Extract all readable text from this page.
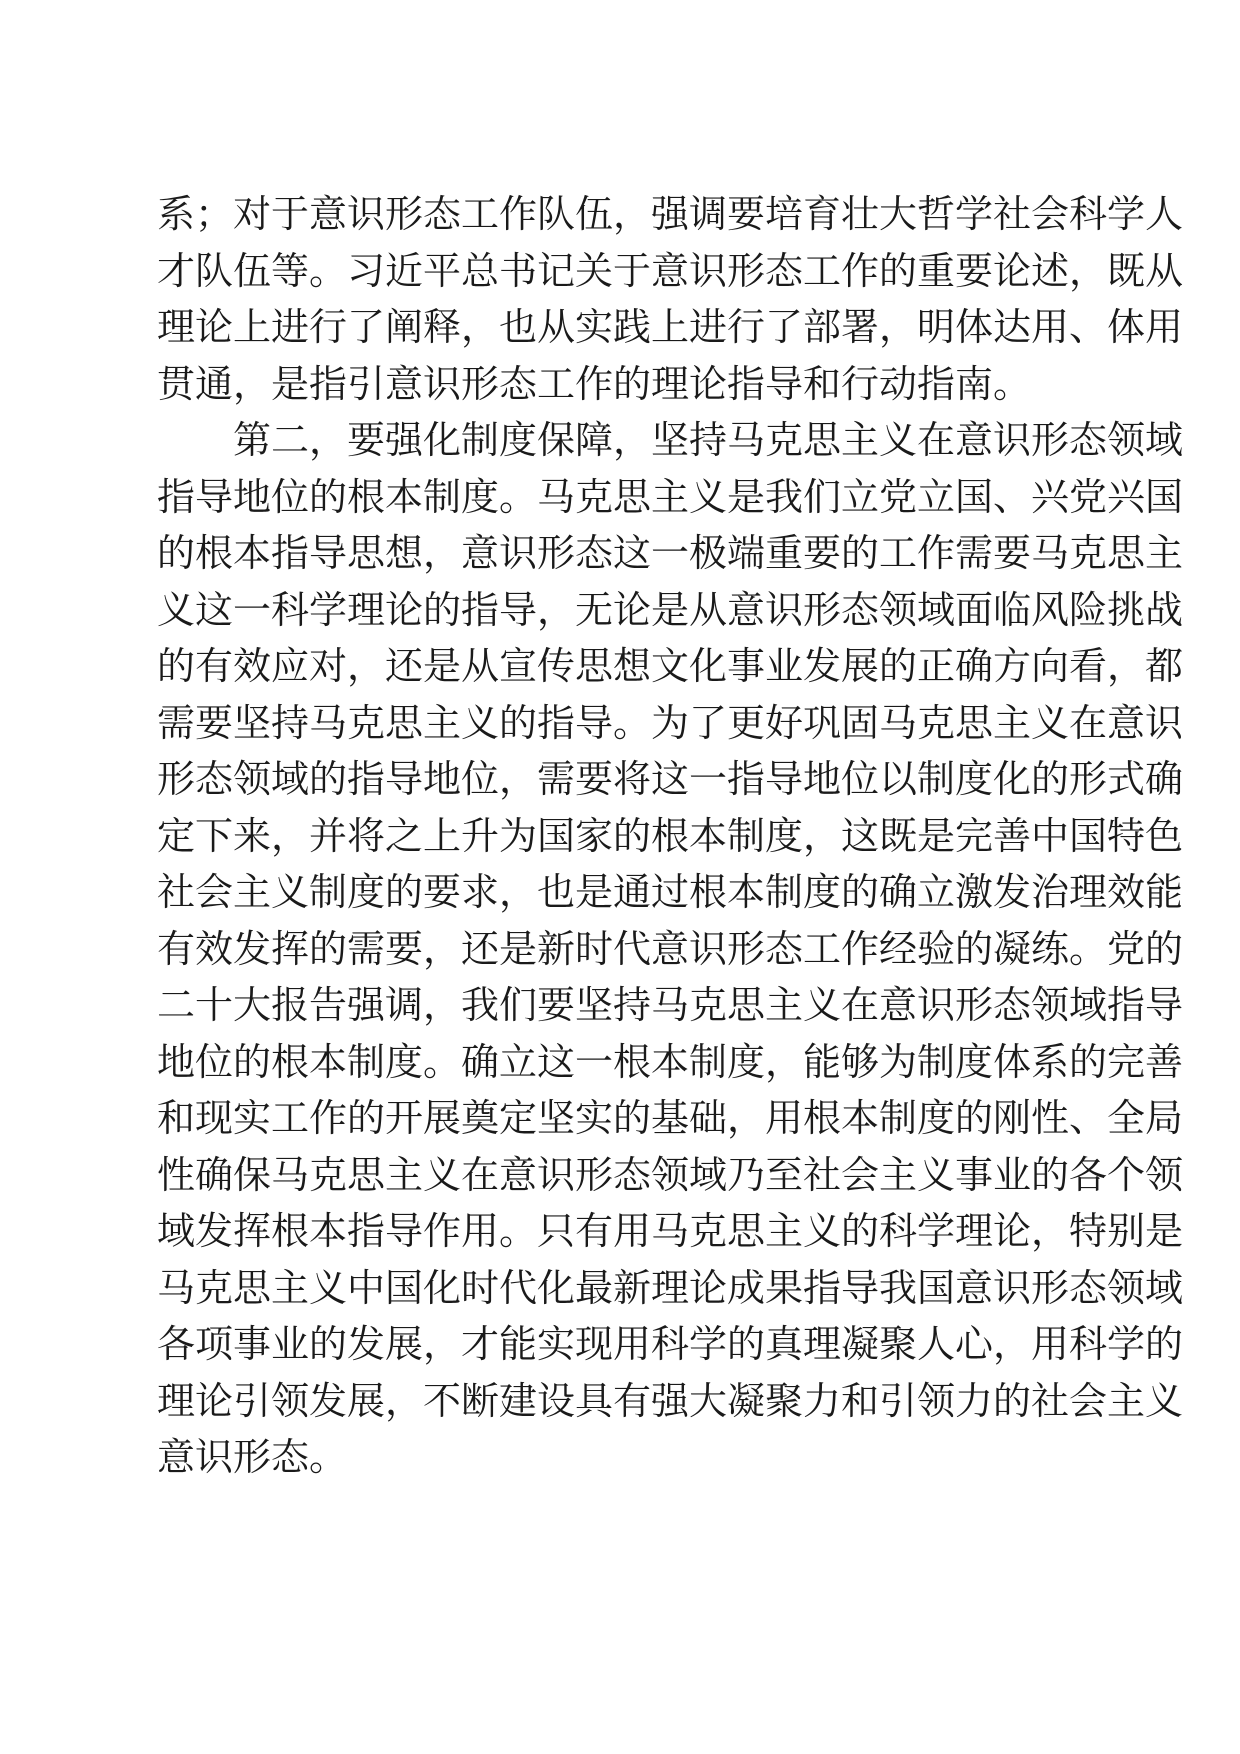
系；对于意识形态工作队伍，强调要培育壮大哲学社会科学人
才队伍等。习近平总书记关于意识形态工作的重要论述，既从
理论上进行了阐释，也从实践上进行了部署，明体达用、体用
贯通，是指引意识形态工作的理论指导和行动指南。
第二，要强化制度保障，坚持马克思主义在意识形态领域
指导地位的根本制度。马克思主义是我们立党立国、兴党兴国
的根本指导思想，意识形态这一极端重要的工作需要马克思主
义这一科学理论的指导，无论是从意识形态领域面临风险挑战
的有效应对，还是从宣传思想文化事业发展的正确方向看，都
需要坚持马克思主义的指导。为了更好巩固马克思主义在意识
形态领域的指导地位，需要将这一指导地位以制度化的形式确
定下来，并将之上升为国家的根本制度，这既是完善中国特色
社会主义制度的要求，也是通过根本制度的确立激发治理效能
有效发挥的需要，还是新时代意识形态工作经验的凝练。党的
二十大报告强调，我们要坚持马克思主义在意识形态领域指导
地位的根本制度。确立这一根本制度，能够为制度体系的完善
和现实工作的开展奠定坚实的基础，用根本制度的刚性、全局
性确保马克思主义在意识形态领域乃至社会主义事业的各个领
域发挥根本指导作用。只有用马克思主义的科学理论，特别是
马克思主义中国化时代化最新理论成果指导我国意识形态领域
各项事业的发展，才能实现用科学的真理凝聚人心，用科学的
理论引领发展，不断建设具有强大凝聚力和引领力的社会主义
意识形态。
